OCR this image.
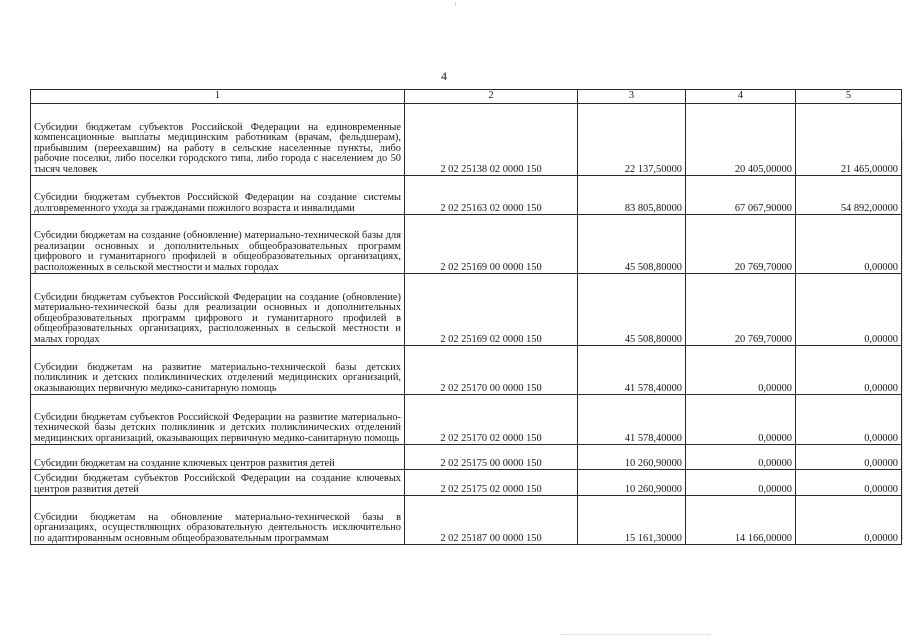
4
1	2	3	4	5
Субсидии бюджетам субъектов Российской Федерации на единовременные компенсационные выплаты медицинским работникам (врачам, фельдшерам), прибывшим (переехавшим) на работу в сельские населенные пункты, либо рабочие поселки, либо поселки городского типа, либо города с населением до 50 тысяч человек	2 02 25138 02 0000 150	22 137,50000	20 405,00000	21 465,00000
Субсидии бюджетам субъектов Российской Федерации на создание системы долговременного ухода за гражданами пожилого возраста и инвалидами	2 02 25163 02 0000 150	83 805,80000	67 067,90000	54 892,00000
Субсидии бюджетам на создание (обновление) материально-технической базы для реализации основных и дополнительных общеобразовательных программ цифрового и гуманитарного профилей в общеобразовательных организациях, расположенных в сельской местности и малых городах	2 02 25169 00 0000 150	45 508,80000	20 769,70000	0,00000
Субсидии бюджетам субъектов Российской Федерации на создание (обновление) материально-технической базы для реализации основных и дополнительных общеобразовательных программ цифрового и гуманитарного профилей в общеобразовательных организациях, расположенных в сельской местности и малых городах	2 02 25169 02 0000 150	45 508,80000	20 769,70000	0,00000
Субсидии бюджетам на развитие материально-технической базы детских поликлиник и детских поликлинических отделений медицинских организаций, оказывающих первичную медико-санитарную помощь	2 02 25170 00 0000 150	41 578,40000	0,00000	0,00000
Субсидии бюджетам субъектов Российской Федерации на развитие материально-технической базы детских поликлиник и детских поликлинических отделений медицинских организаций, оказывающих первичную медико-санитарную помощь	2 02 25170 02 0000 150	41 578,40000	0,00000	0,00000
Субсидии бюджетам на создание ключевых центров развития детей	2 02 25175 00 0000 150	10 260,90000	0,00000	0,00000
Субсидии бюджетам субъектов Российской Федерации на создание ключевых центров развития детей	2 02 25175 02 0000 150	10 260,90000	0,00000	0,00000
Субсидии бюджетам на обновление материально-технической базы в организациях, осуществляющих образовательную деятельность исключительно по адаптированным основным общеобразовательным программам	2 02 25187 00 0000 150	15 161,30000	14 166,00000	0,00000
